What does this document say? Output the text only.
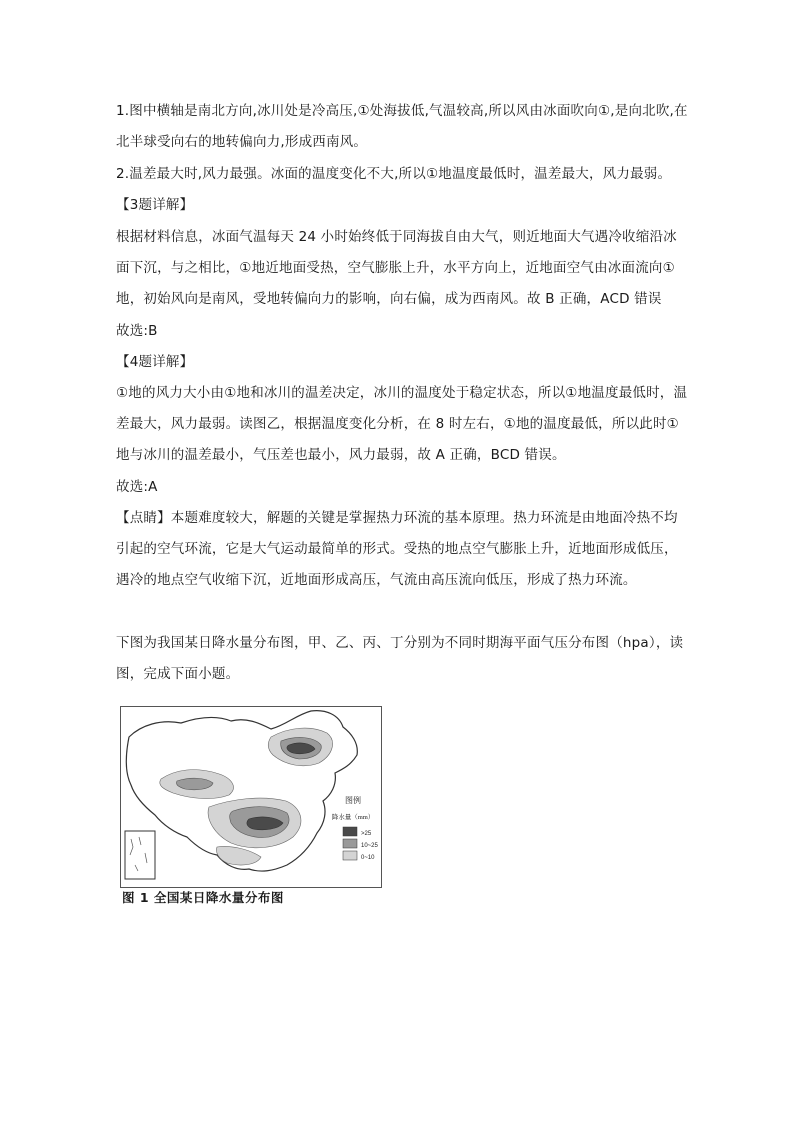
1.图中横轴是南北方向,冰川处是冷高压,①处海拔低,气温较高,所以风由冰面吹向①,是向北吹,在北半球受向右的地转偏向力,形成西南风。

2.温差最大时,风力最强。冰面的温度变化不大,所以①地温度最低时，温差最大，风力最弱。

【3题详解】

根据材料信息，冰面气温每天 24 小时始终低于同海拔自由大气，则近地面大气遇冷收缩沿冰面下沉，与之相比，①地近地面受热，空气膨胀上升，水平方向上，近地面空气由冰面流向①地，初始风向是南风，受地转偏向力的影响，向右偏，成为西南风。故 B 正确，ACD 错误

故选:B

【4题详解】

①地的风力大小由①地和冰川的温差决定，冰川的温度处于稳定状态，所以①地温度最低时，温差最大，风力最弱。读图乙，根据温度变化分析，在 8 时左右，①地的温度最低，所以此时①地与冰川的温差最小，气压差也最小，风力最弱，故 A 正确，BCD 错误。

故选:A

【点睛】本题难度较大，解题的关键是掌握热力环流的基本原理。热力环流是由地面冷热不均引起的空气环流，它是大气运动最简单的形式。受热的地点空气膨胀上升，近地面形成低压，遇冷的地点空气收缩下沉，近地面形成高压，气流由高压流向低压，形成了热力环流。

下图为我国某日降水量分布图，甲、乙、丙、丁分别为不同时期海平面气压分布图（hpa），读图，完成下面小题。

图例
降水量（mm）
>25
10~25
0~10
图 1 全国某日降水量分布图
